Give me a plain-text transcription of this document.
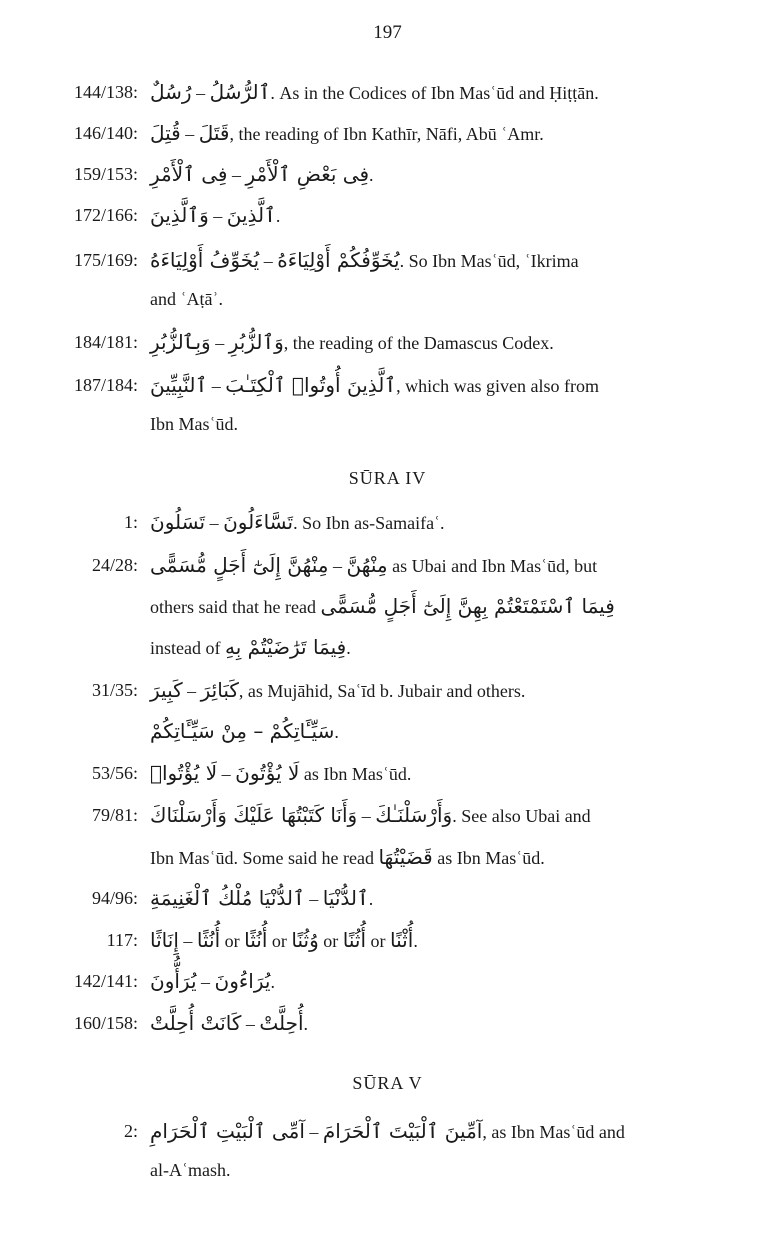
197
144/138: رُسُلٌ – ٱلرُّسُلُ. As in the Codices of Ibn Masʿūd and Ḥiṭṭān.
146/140: قُتِلَ – قَتَلَ, the reading of Ibn Kathīr, Nāfi, Abū ʿAmr.
159/153: فِى ٱلْأَمْرِ – فِى بَعْضِ ٱلْأَمْرِ.
172/166: وَٱلَّذِينَ – ٱلَّذِينَ.
175/169: يُخَوِّفُ أَوْلِيَاءَهُ – يُخَوِّفُكُمْ أَوْلِيَاءَهُ. So Ibn Masʿūd, ʿIkrima
and ʿAṭāʾ.
184/181: وَبِٱلزُّبُرِ – وَٱلزُّبُرِ, the reading of the Damascus Codex.
187/184: ٱلنَّبِيِّينَ – ٱلَّذِينَ أُوتُوا۟ ٱلْكِتَـٰبَ, which was given also from
Ibn Masʿūd.
SŪRA IV
1: تَسَلُونَ – تَسَّاءَلُونَ. So Ibn as-Samaifaʿ.
24/28: مِنْهُنَّ إِلَىٰٓ أَجَلٍ مُّسَمًّى – مِنْهُنَّ as Ubai and Ibn Masʿūd, but
others said that he read فِيمَا ٱسْتَمْتَعْتُمْ بِهِنَّ إِلَىٰٓ أَجَلٍ مُّسَمًّى
instead of فِيمَا تَرَٰضَيْتُمْ بِهِ.
31/35: كَبِيرَ – كَبَائِرَ, as Mujāhid, Saʿīd b. Jubair and others.
سَيِّـَٔاتِكُمْ – مِنْ سَيِّـَٔاتِكُمْ.
53/56: لَا يُؤْتُوا۟ – لَا يُؤْتُونَ as Ibn Masʿūd.
79/81: وَأَنَا كَتَبْتُهَا عَلَيْكَ وَأَرْسَلْنَاكَ – وَأَرْسَلْنَـٰكَ. See also Ubai and
Ibn Masʿūd. Some said he read قَضَيْتُهَا as Ibn Masʿūd.
94/96: ٱلدُّنْيَا مُلْكُ ٱلْغَنِيمَةِ – ٱلدُّنْيَا.
117: إِنَاثًا – أُنُثًا or أُنُثًا or وُثُنًا or أُثُنًا or أُثْنًا.
142/141: يُرَأُّونَ – يُرَاءُونَ.
160/158: كَانَتْ أُحِلَّتْ – أُحِلَّتْ.
SŪRA V
2: آمِّى ٱلْبَيْتِ ٱلْحَرَامِ – آمِّينَ ٱلْبَيْتَ ٱلْحَرَامَ, as Ibn Masʿūd and
al-Aʿmash.
